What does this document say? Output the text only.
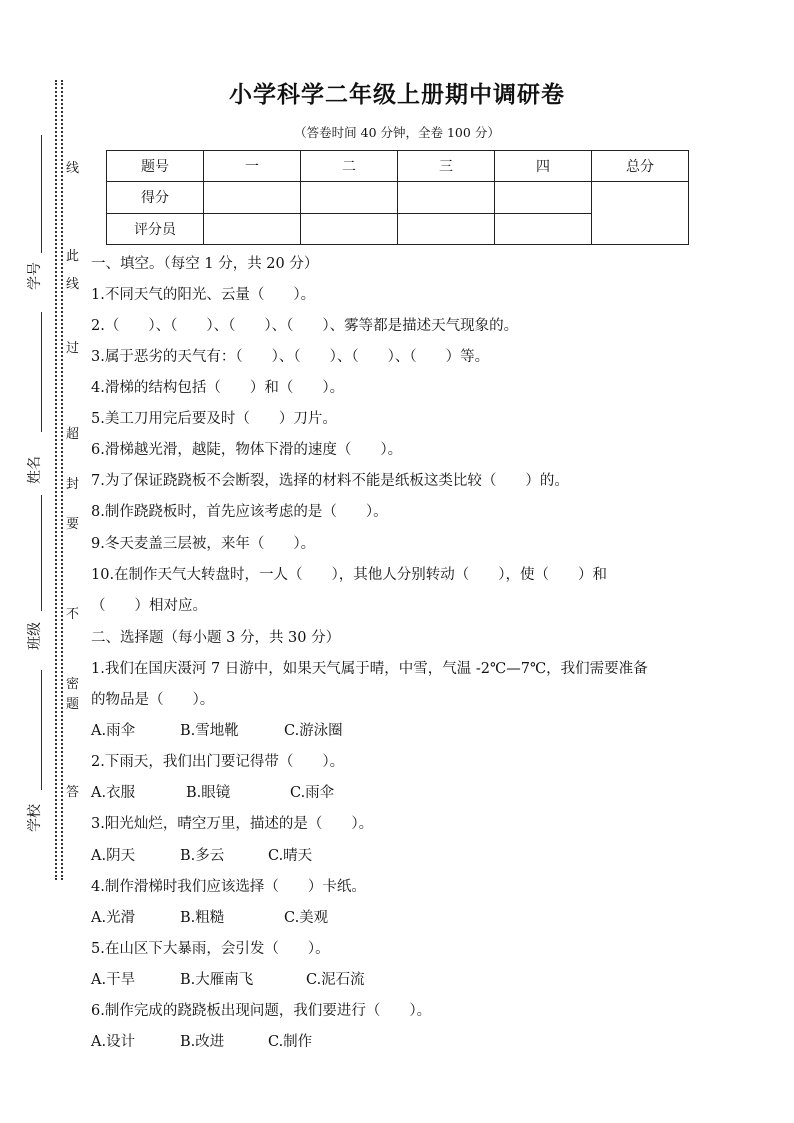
小学科学二年级上册期中调研卷
（答卷时间 40 分钟，全卷 100 分）
题号	一	二	三	四	总分
得分					
评分员					
线
此
线
过
超
封
要
不
密
题
答
学号
姓名
班级
学校
一、填空。（每空 1 分，共 20 分）
1.不同天气的阳光、云量（　　）。
2.（　　）、（　　）、（　　）、（　　）、雾等都是描述天气现象的。
3.属于恶劣的天气有：（　　）、（　　）、（　　）、（　　）等。
4.滑梯的结构包括（　　）和（　　）。
5.美工刀用完后要及时（　　）刀片。
6.滑梯越光滑，越陡，物体下滑的速度（　　）。
7.为了保证跷跷板不会断裂，选择的材料不能是纸板这类比较（　　）的。
8.制作跷跷板时，首先应该考虑的是（　　）。
9.冬天麦盖三层被，来年（　　）。
10.在制作天气大转盘时，一人（　　），其他人分别转动（　　），使（　　）和
（　　）相对应。
二、选择题（每小题 3 分，共 30 分）
1.我们在国庆滠河 7 日游中，如果天气属于晴，中雪，气温 -2℃—7℃，我们需要准备
的物品是（　　）。
A.雨伞	B.雪地靴	C.游泳圈
2.下雨天，我们出门要记得带（　　）。
A.衣服	B.眼镜	C.雨伞
3.阳光灿烂，晴空万里，描述的是（　　）。
A.阴天	B.多云	C.晴天
4.制作滑梯时我们应该选择（　　）卡纸。
A.光滑	B.粗糙	C.美观
5.在山区下大暴雨，会引发（　　）。
A.干旱	B.大雁南飞	C.泥石流
6.制作完成的跷跷板出现问题，我们要进行（　　）。
A.设计	B.改进	C.制作
